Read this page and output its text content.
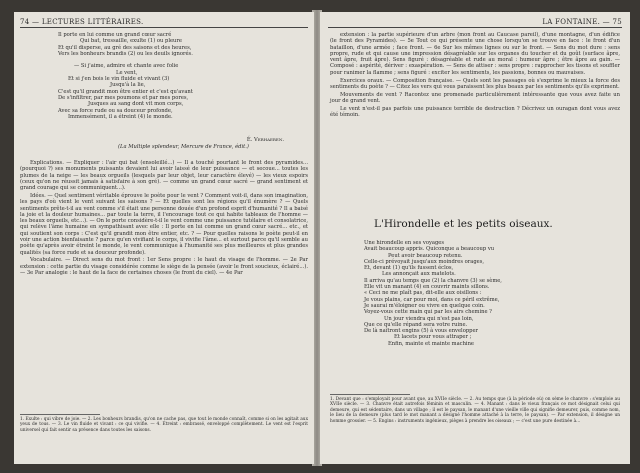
74 — LECTURES LITTÉRAIRES.

Il porte en lui comme un grand cœur sacré

Qui bat, tressaille, exulte (1) ou pleure

Et qu'il disperse, au gré des saisons et des heures,

Vers les bonheurs brandis (2) ou les deuils ignorés.

— Si j'aime, admire et chante avec folie

Le vent,

Et si j'en bois le vin fluide et vivant (3)

Jusqu'à la lie,

C'est qu'il grandit mon être entier et c'est qu'avant

De s'infiltrer, par mes poumons et par mes pores,

Jusques au sang dont vit mon corps,

Avec sa force rude ou sa douceur profonde,

Immensément, il a étreint (4) le monde.

É. Verhaeren.
(La Multiple splendeur, Mercure de France, édit.)

Explications. — Expliquer : l'air qui bat (ensoleillé...) — Il a touché pourtant le front des pyramides... (pourquoi ?) ses monuments puissants devaient lui avoir laissé de leur puissance — et secoue... toutes les plumes de la neige — les beaux orgueils (lesquels par leur objet, leur caractère élevé) — les vieux espoirs (ceux qu'on ne réussit jamais à satisfaire à son gré). — comme un grand cœur sacré — grand sentiment et grand courage qui se communiquent...).

Idées. — Quel sentiment véritable éprouve le poète pour le vent ? Comment voit-il, dans son imagination, les pays d'où vient le vent suivant les saisons ? — Et quelles sont les régions qu'il énumère ? — Quels sentiments prête-t-il au vent comme s'il était une personne douée d'un profond esprit d'humanité ? Il a baisé la joie et la douleur humaines... par toute la terre, il l'encourage tout ce qui habite tableaux de l'homme — les beaux orgueils, etc...). — On le porte considère-t-il le vent comme une puissance tutélaire et consolatrice, qui relève l'âme humaine en sympathisant avec elle : Il porte en lui comme un grand cœur sacré... etc., et qui soutient son corps : C'est qu'il grandit mon être entier, etc. ? — Pour quelles raisons le poète peut-il en voir une action bienfaisante ? parce qu'en vivifiant le corps, il vivifie l'âme... et surtout parce qu'il semble au poète qu'après avoir étreint le monde, le vent communique à l'humanité ses plus meilleures et plus grandes qualités (sa force rude et sa douceur profonde).

Vocabulaire. — Direct sens du mot front : 1er Sens propre : le haut du visage de l'homme. — 2e Par extension : cette partie du visage considérée comme le siège de la pensée (avoir le front soucieux, éclairé...). — 3e Par analogie : le haut de la face de certaines choses (le front du ciel). — 4e Par

1. Exulte : qui vibre de joie. — 2. Les bonheurs brandis, qu'on ne cache pas, que tout le monde connaît, comme si on les agitait aux yeux de tous. — 3. Le vin fluide et vivant : ce qui vivifie. — 4. Étreint : embrassé, enveloppé complètement. Le vent est l'esprit universel qui fait sentir sa présence dans toutes les saisons.

LA FONTAINE. — 75

extension : la partie supérieure d'un arbre (mon front au Caucase pareil), d'une montagne, d'un édifice (le front des Pyramides). — 5e Tout ce qui présente une chose lorsqu'on se trouve en face : le front d'un bataillon, d'une armée ; face front. — 6e Sur les mêmes lignes ou sur le front. — Sens du mot dure : sens propre, rude et qui cause une impression désagréable sur les organes du toucher et du goût (surface âpre, vent âpre, fruit âpre). Sens figuré : désagréable et rude au moral : humeur âpre ; être âpre au gain. — Composé : aspérité, dériver : exaspération. — Sens de attiser : sens propre : rapprocher les tisons et souffler pour ranimer la flamme ; sens figuré : exciter les sentiments, les passions, bonnes ou mauvaises.

Exercices oraux. — Composition française. — Quels sont les passages où s'exprime le mieux la force des sentiments du poète ? — Citez les vers qui vous paraissent les plus beaux par les sentiments qu'ils expriment.

Mouvements de vent ? Racontez une promenade particulièrement intéressante que vous avez faite un jour de grand vent.

Le vent n'est-il pas parfois une puissance terrible de destruction ? Décrivez un ouragan dont vous avez été témoin.

L'Hirondelle et les petits oiseaux.

Une hirondelle en ses voyages

Avait beaucoup appris. Quiconque a beaucoup vu

Peut avoir beaucoup retenu.

Celle-ci prévoyait jusqu'aux moindres orages,

Et, devant (1) qu'ils fussent éclos,

Les annonçait aux matelots.

Il arriva qu'au temps que (2) la chanvre (3) se sème,

Elle vit un manant (4) en couvrir maints sillons.

« Ceci ne me plaît pas, dit-elle aux oisillons :

Je vous plains, car pour moi, dans ce péril extrême,

Je saurai m'éloigner ou vivre en quelque coin.

Voyez-vous cette main qui par les airs chemine ?

Un jour viendra qui n'est pas loin,

Que ce qu'elle répand sera votre ruine.

De là naîtront engins (5) à vous envelopper

Et lacets pour vous attraper ;

Enfin, mainte et mainte machine

1. Devant que : s'employait pour avant que, au XVIIe siècle. — 2. Au temps que (à la période où) on sème le chanvre : s'emploie au XVIIe siècle. — 3. Chanvre était autrefois féminin et masculin. — 4. Manant : dans le vieux français ce mot désignait celui qui demeure, qui est sédentaire, dans un village ; il est le paysan, le manant d'une vieille ville qui signifie demeurer, puis, comme nom, le lieu de la demeure (plus tard le mot manant a désigné l'homme attaché à la terre, le paysan). — Par extension, il désigne un homme grossier. — 5. Engins : instruments ingénieux, pièges à prendre les oiseaux ; — c'est une pure destinée à...
